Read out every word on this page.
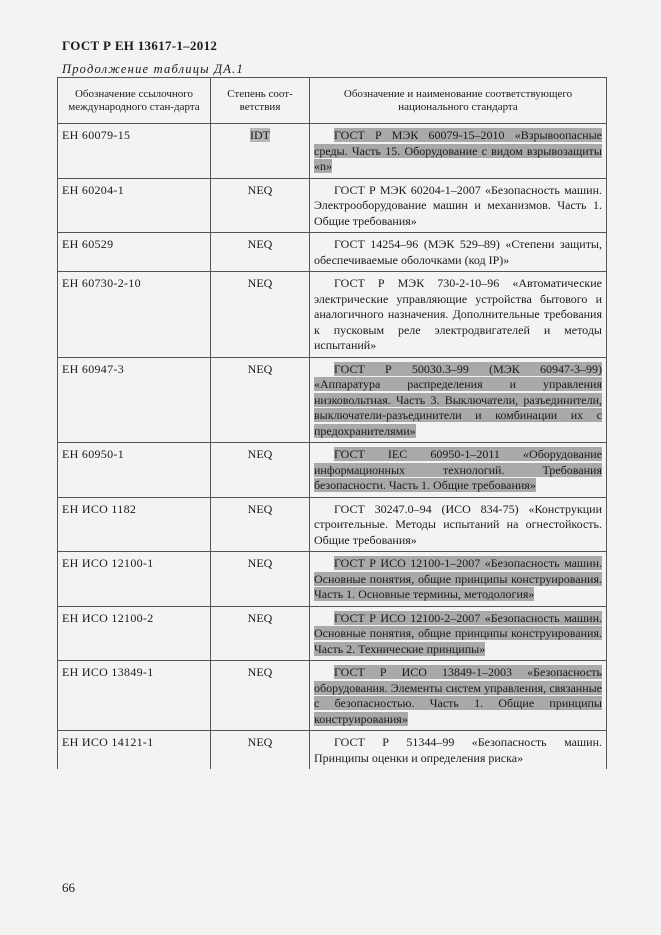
ГОСТ Р ЕН 13617-1–2012
Продолжение таблицы ДА.1
Обозначение ссылочного международного стан-дарта	Степень соот-ветствия	Обозначение и наименование соответствующего национального стандарта
ЕН 60079-15	IDT	ГОСТ Р МЭК 60079-15–2010 «Взрывоопасные среды. Часть 15. Оборудование с видом взрывозащиты «n»
ЕН 60204-1	NEQ	ГОСТ Р МЭК 60204-1–2007 «Безопасность машин. Электрооборудование машин и механизмов. Часть 1. Общие требования»
ЕН 60529	NEQ	ГОСТ 14254–96 (МЭК 529–89) «Степени защиты, обеспечиваемые оболочками (код IP)»
ЕН 60730-2-10	NEQ	ГОСТ Р МЭК 730-2-10–96 «Автоматические электрические управляющие устройства бытового и аналогичного назначения. Дополнительные требования к пусковым реле электродвигателей и методы испытаний»
ЕН 60947-3	NEQ	ГОСТ Р 50030.3–99 (МЭК 60947-3–99) «Аппаратура распределения и управления низковольтная. Часть 3. Выключатели, разъединители, выключатели-разъединители и комбинации их с предохранителями»
ЕН 60950-1	NEQ	ГОСТ IEC 60950-1–2011 «Оборудование информационных технологий. Требования безопасности. Часть 1. Общие требования»
ЕН ИСО 1182	NEQ	ГОСТ 30247.0–94 (ИСО 834-75) «Конструкции строительные. Методы испытаний на огнестойкость. Общие требования»
ЕН ИСО 12100-1	NEQ	ГОСТ Р ИСО 12100-1–2007 «Безопасность машин. Основные понятия, общие принципы конструирования. Часть 1. Основные термины, методология»
ЕН ИСО 12100-2	NEQ	ГОСТ Р ИСО 12100-2–2007 «Безопасность машин. Основные понятия, общие принципы конструирования. Часть 2. Технические принципы»
ЕН ИСО 13849-1	NEQ	ГОСТ Р ИСО 13849-1–2003 «Безопасность оборудования. Элементы систем управления, связанные с безопасностью. Часть 1. Общие принципы конструирования»
ЕН ИСО 14121-1	NEQ	ГОСТ Р 51344–99 «Безопасность машин. Принципы оценки и определения риска»
66
